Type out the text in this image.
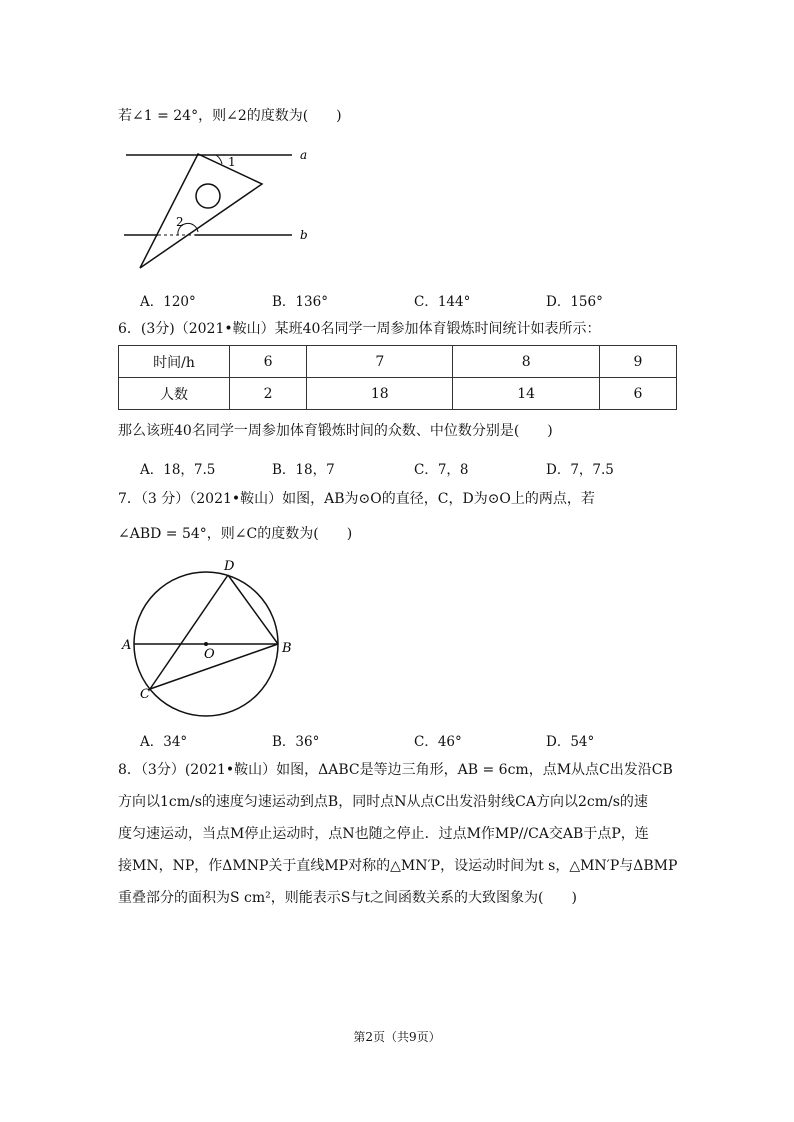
若∠1 = 24°，则∠2的度数为(　　)
a
b
1
2
A．120°	B．136°	C．144°	D．156°
6．(3分)（2021•鞍山）某班40名同学一周参加体育锻炼时间统计如表所示：
时间/h	6	7	8	9
人数	2	18	14	6
那么该班40名同学一周参加体育锻炼时间的众数、中位数分别是(　　)
A．18，7.5	B．18，7	C．7，8	D．7，7.5
7．（3 分）（2021•鞍山）如图，AB为⊙O的直径，C，D为⊙O上的两点，若
∠ABD = 54°，则∠C的度数为(　　)
A	B
C
D
O
A．34°	B．36°	C．46°	D．54°
8．（3分）(2021•鞍山）如图，ΔABC是等边三角形，AB = 6cm，点M从点C出发沿CB
方向以1cm/s的速度匀速运动到点B，同时点N从点C出发沿射线CA方向以2cm/s的速
度匀速运动，当点M停止运动时，点N也随之停止．过点M作MP//CA交AB于点P，连
接MN，NP，作ΔMNP关于直线MP对称的△MN′P，设运动时间为t s，△MN′P与ΔBMP
重叠部分的面积为S cm²，则能表示S与t之间函数关系的大致图象为(　　)
第2页（共9页）
